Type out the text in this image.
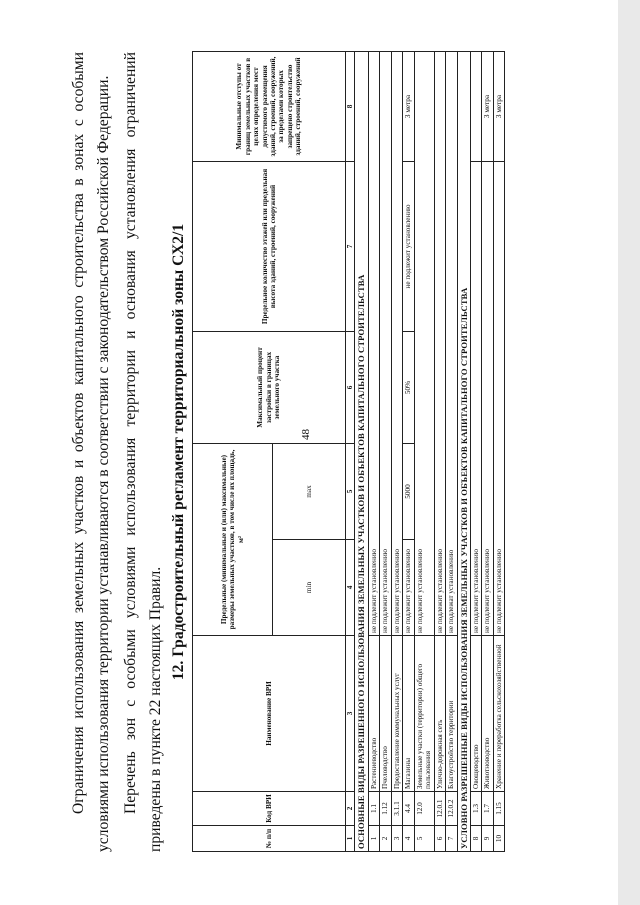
48

Ограничения использования земельных участков и объектов капитального строительства в зонах с особыми условиями использования территории устанавливаются в соответствии с законодательством Российской Федерации. Перечень зон с особыми условиями использования территории и основания установления ограничений приведены в пункте 22 настоящих Правил.

12. Градостроительный регламент территориальной зоны СХ2/1
№ п/п	Код ВРИ	Наименование ВРИ	Предельные (минимальные и (или) максимальные) размеры земельных участков, в том числе их площадь, м²		Максимальный процент застройки в границах земельного участка	Предельное количество этажей или предельная высота зданий, строений, сооружений	Минимальные отступы от границ земельных участков в целях определения мест допустимого размещения зданий, строений, сооружений, за пределами которых запрещено строительство зданий, строений, сооружений
			min	max			
1	2	3	4	5	6	7	8
ОСНОВНЫЕ ВИДЫ РАЗРЕШЕННОГО ИСПОЛЬЗОВАНИЯ ЗЕМЕЛЬНЫХ УЧАСТКОВ И ОБЪЕКТОВ КАПИТАЛЬНОГО СТРОИТЕЛЬСТВА							
1	1.1	Растениеводство	не подлежит установлению				
2	1.12	Пчеловодство	не подлежит установлению				
3	3.1.1	Предоставление коммунальных услуг	не подлежит установлению				
4	4.4	Магазины	не подлежит установлению	5000	50%	не подлежит установлению	3 метра
5	12.0	Земельные участки (территории) общего пользования	не подлежит установлению				
6	12.0.1	Улично-дорожная сеть	не подлежит установлению				
7	12.0.2	Благоустройство территории	не подлежат установлению				
УСЛОВНО РАЗРЕШЕННЫЕ ВИДЫ ИСПОЛЬЗОВАНИЯ ЗЕМЕЛЬНЫХ УЧАСТКОВ И ОБЪЕКТОВ КАПИТАЛЬНОГО СТРОИТЕЛЬСТВА							
8	1.3	Овощеводство	не подлежит установлению				
9	1.7	Животноводство	не подлежит установлению				3 метра
10	1.15	Хранение и переработка сельскохозяйственной	не подлежит установлению				3 метра
